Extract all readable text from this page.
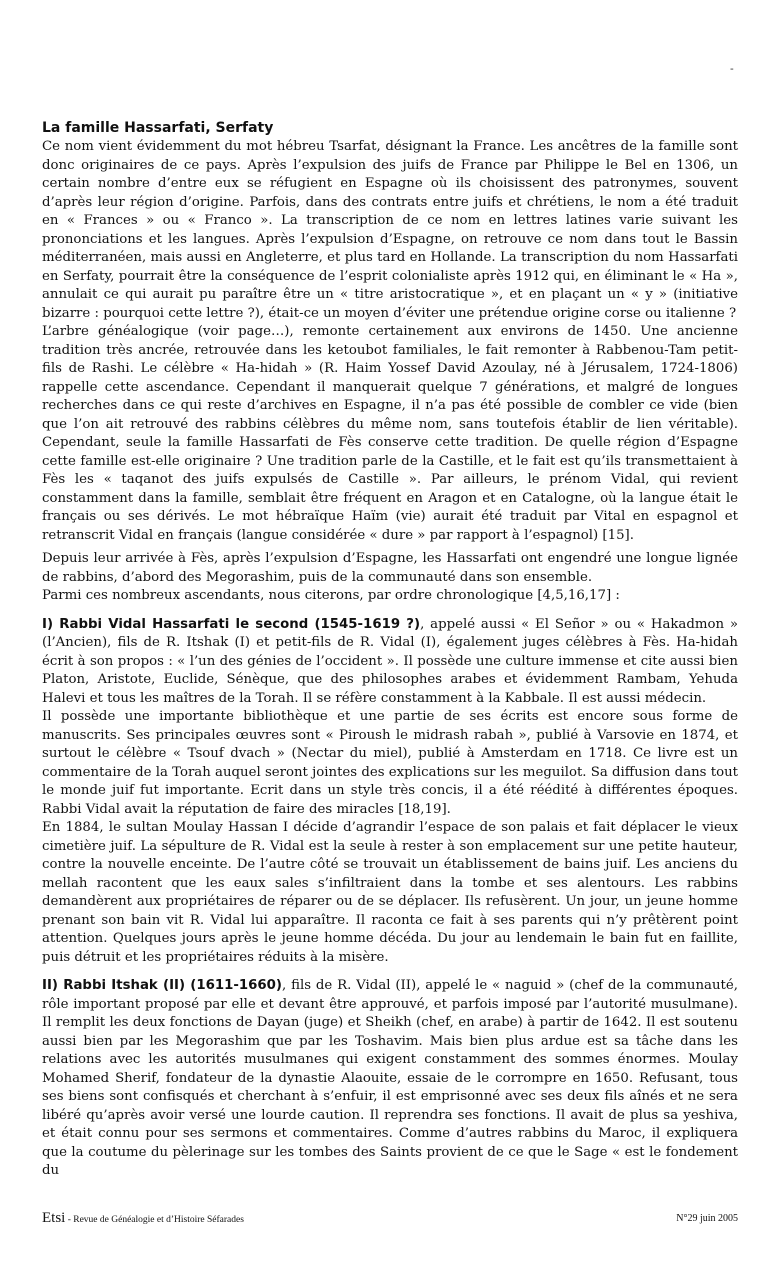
-
La famille Hassarfati, Serfaty

Ce nom vient évidemment du mot hébreu Tsarfat, désignant la France. Les ancêtres de la famille sont donc originaires de ce pays. Après l’expulsion des juifs de France par Philippe le Bel en 1306, un certain nombre d’entre eux se réfugient en Espagne où ils choisissent des patronymes, souvent d’après leur région d’origine. Parfois, dans des contrats entre juifs et chrétiens, le nom a été traduit en « Frances » ou « Franco ». La transcription de ce nom en lettres latines varie suivant les prononciations et les langues. Après l’expulsion d’Espagne, on retrouve ce nom dans tout le Bassin méditerranéen, mais aussi en Angleterre, et plus tard en Hollande. La transcription du nom Hassarfati en Serfaty, pourrait être la conséquence de l’esprit colonialiste après 1912 qui, en éliminant le « Ha », annulait ce qui aurait pu paraître être un « titre aristocratique », et en plaçant un « y » (initiative bizarre : pourquoi cette lettre ?), était-ce un moyen d’éviter une prétendue origine corse ou italienne ?

L’arbre généalogique (voir page…), remonte certainement aux environs de 1450. Une ancienne tradition très ancrée, retrouvée dans les ketoubot familiales, le fait remonter à Rabbenou-Tam petit-fils de Rashi. Le célèbre « Ha-hidah » (R. Haim Yossef David Azoulay, né à Jérusalem, 1724-1806) rappelle cette ascendance. Cependant il manquerait quelque 7 générations, et malgré de longues recherches dans ce qui reste d’archives en Espagne, il n’a pas été possible de combler ce vide (bien que l’on ait retrouvé des rabbins célèbres du même nom, sans toutefois établir de lien véritable). Cependant, seule la famille Hassarfati de Fès conserve cette tradition. De quelle région d’Espagne cette famille est-elle originaire ? Une tradition parle de la Castille, et le fait est qu’ils transmettaient à Fès les « taqanot des juifs expulsés de Castille ». Par ailleurs, le prénom Vidal, qui revient constamment dans la famille, semblait être fréquent en Aragon et en Catalogne, où la langue était le français ou ses dérivés. Le mot hébraïque Haïm (vie) aurait été traduit par Vital en espagnol et retranscrit Vidal en français (langue considérée « dure » par rapport à l’espagnol) [15].

Depuis leur arrivée à Fès, après l’expulsion d’Espagne, les Hassarfati ont engendré une longue lignée de rabbins, d’abord des Megorashim, puis de la communauté dans son ensemble.

Parmi ces nombreux ascendants, nous citerons, par ordre chronologique [4,5,16,17] :

I) Rabbi Vidal Hassarfati le second (1545-1619 ?), appelé aussi « El Señor » ou « Hakadmon » (l’Ancien), fils de R. Itshak (I) et petit-fils de R. Vidal (I), également juges célèbres à Fès. Ha-hidah écrit à son propos : « l’un des génies de l’occident ». Il possède une culture immense et cite aussi bien Platon, Aristote, Euclide, Sénèque, que des philosophes arabes et évidemment Rambam, Yehuda Halevi et tous les maîtres de la Torah. Il se réfère constamment à la Kabbale. Il est aussi médecin.

Il possède une importante bibliothèque et une partie de ses écrits est encore sous forme de manuscrits. Ses principales œuvres sont « Piroush le midrash rabah », publié à Varsovie en 1874, et surtout le célèbre « Tsouf dvach » (Nectar du miel), publié à Amsterdam en 1718. Ce livre est un commentaire de la Torah auquel seront jointes des explications sur les meguilot. Sa diffusion dans tout le monde juif fut importante. Ecrit dans un style très concis, il a été réédité à différentes époques. Rabbi Vidal avait la réputation de faire des miracles [18,19].

En 1884, le sultan Moulay Hassan I décide d’agrandir l’espace de son palais et fait déplacer le vieux cimetière juif. La sépulture de R. Vidal est la seule à rester à son emplacement sur une petite hauteur, contre la nouvelle enceinte. De l’autre côté se trouvait un établissement de bains juif. Les anciens du mellah racontent que les eaux sales s’infiltraient dans la tombe et ses alentours. Les rabbins demandèrent aux propriétaires de réparer ou de se déplacer. Ils refusèrent. Un jour, un jeune homme prenant son bain vit R. Vidal lui apparaître. Il raconta ce fait à ses parents qui n’y prêtèrent point attention. Quelques jours après le jeune homme décéda. Du jour au lendemain le bain fut en faillite, puis détruit et les propriétaires réduits à la misère.

II) Rabbi Itshak (II) (1611-1660), fils de R. Vidal (II), appelé le « naguid » (chef de la communauté, rôle important proposé par elle et devant être approuvé, et parfois imposé par l’autorité musulmane). Il remplit les deux fonctions de Dayan (juge) et Sheikh (chef, en arabe) à partir de 1642. Il est soutenu aussi bien par les Megorashim que par les Toshavim. Mais bien plus ardue est sa tâche dans les relations avec les autorités musulmanes qui exigent constamment des sommes énormes. Moulay Mohamed Sherif, fondateur de la dynastie Alaouite, essaie de le corrompre en 1650. Refusant, tous ses biens sont confisqués et cherchant à s’enfuir, il est emprisonné avec ses deux fils aînés et ne sera libéré qu’après avoir versé une lourde caution. Il reprendra ses fonctions. Il avait de plus sa yeshiva, et était connu pour ses sermons et commentaires. Comme d’autres rabbins du Maroc, il expliquera que la coutume du pèlerinage sur les tombes des Saints provient de ce que le Sage « est le fondement du

Etsi - Revue de Généalogie et d’Histoire Séfarades	N°29 juin 2005
